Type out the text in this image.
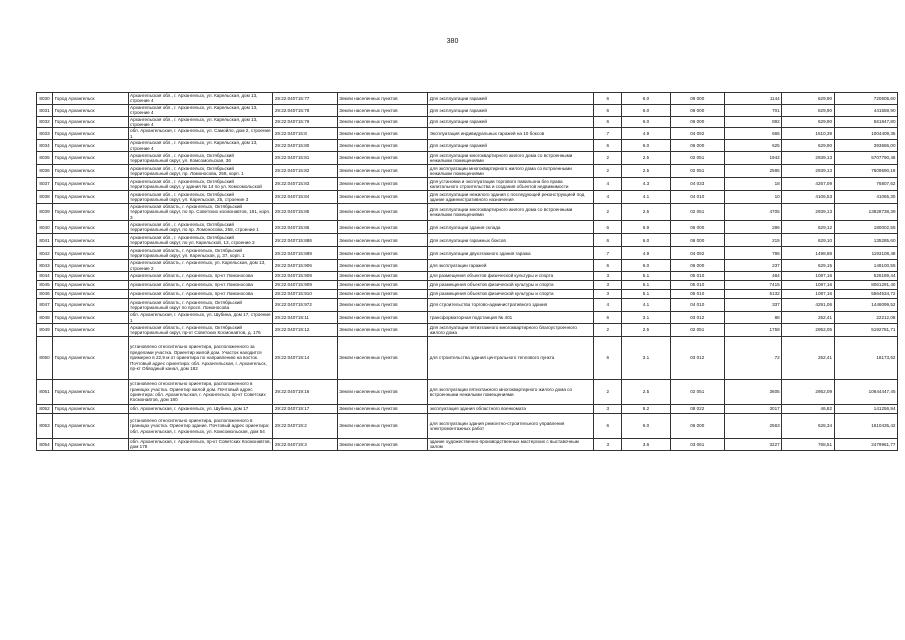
380
8030	Город Архангельск	Архангельская обл., г. Архангельск, ул. Карельская, дом 13, строение 4	29:22:040715:77	Земли населенных пунктов	Для эксплуатации гаражей	6	6.0	06 000	1144	629,90	720605,60
8031	Город Архангельск	Архангельская обл., г. Архангельск, ул. Карельская, дом 13, строение 4	29:22:040715:78	Земли населенных пунктов	Для эксплуатации гаражей	6	6.0	06 000	701	629,90	441559,90
8032	Город Архангельск	Архангельская обл., г. Архангельск, ул. Карельская, дом 13, строение 4	29:22:040715:79	Земли населенных пунктов	Для эксплуатации гаражей	6	6.0	06 000	892	629,90	561847,80
8033	Город Архангельск	обл. Архангельская, г. Архангельск, ул. Самойло, дом 2, строение 1	29:22:040715:8	Земли населенных пунктов	Эксплуатация индивидуальных гаражей на 10 боксов	7	4.9	04 092	665	1510,39	1004409,35
8034	Город Архангельск	Архангельская обл., г. Архангельск, ул. Карельская, дом 13, строение 4	29:22:040715:80	Земли населенных пунктов	Для эксплуатации гаражей	6	6.0	06 000	625	629,90	393686,00
8035	Город Архангельск	Архангельская обл., г. Архангельск, Октябрьский территориальный округ, ул. Комсомольская, 36	29:22:040715:81	Земли населенных пунктов	Для эксплуатации многоквартирного жилого дома со встроенными нежилыми помещениями	2	2.5	02 051	1942	2939,13	5707790,46
8036	Город Архангельск	Архангельская обл., г. Архангельск, Октябрьский территориальный округ, пр. Ломоносова, 258, корп. 1	29:22:040715:82	Земли населенных пунктов	для эксплуатации многоквартирного жилого дома со встроенными нежилыми помещениями	2	2.5	02 051	2585	2939,13	7609590,18
8037	Город Архангельск	Архангельская обл., г. Архангельск, Октябрьский территориальный округ, у здания № 14 по ул. Комсомольской	29:22:040715:83	Земли населенных пунктов	Для установки и эксплуатации торгового павильона без права капитального строительства и создания объектов недвижимости	4	4.3	04 033	18	4267,09	76807,62
8038	Город Архангельск	Архангельская обл., г. Архангельск, Октябрьский территориальный округ, ул. Карельская, 25, строение 3	29:22:040715:84	Земли населенных пунктов	Для эксплуатации нежилого здания с последующей реконструкцией под здание административного назначения	4	4.1	04 010	10	4106,53	41065,30
8039	Город Архангельск	Архангельская область, г. Архангельск, Октябрьский территориальный округ, по пр. Советских космонавтов, 181, корп. 3	29:22:040715:85	Земли населенных пунктов	Для эксплуатации многоквартирного жилого дома со встроенными нежилыми помещениями	2	2.5	02 051	4705	2939,13	13828738,39
8040	Город Архангельск	Архангельская обл., г. Архангельск, Октябрьский территориальный округ, по пр. Ломоносова, 258, строение 1	29:22:040715:86	Земли населенных пунктов	Для эксплуатации здания склада	6	6.9	06 000	286	629,12	180002,55
8041	Город Архангельск	Архангельская обл., г. Архангельск, Октябрьский территориальный округ, по ул. Карельской, 13, строение 2	29:22:040715:886	Земли населенных пунктов	Для эксплуатации гаражных боксов	6	6.0	06 000	215	629,10	135285,60
8042	Город Архангельск	Архангельская область, г. Архангельск, Октябрьский территориальный округ, ул. Карельская, д. 37, корп. 1	29:22:040715:889	Земли населенных пунктов	Для эксплуатации двухэтажного здания гаража	7	4.9	04 092	796	1498,88	1193108,48
8043	Город Архангельск	Архангельская область, г. Архангельск, ул. Карельская, дом 13, строение 2	29:22:040715:906	Земли населенных пунктов	для эксплуатации гаражей	6	6.0	06 000	237	629,15	149100,55
8044	Город Архангельск	Архангельская область, г. Архангельск, пр-кт Ломоносова	29:22:040715:908	Земли населенных пунктов	для размещения объектов физической культуры и спорта	3	5.1	05 010	484	1087,16	526189,44
8045	Город Архангельск	Архангельская область, г. Архангельск, пр-кт Ломоносова	29:22:040715:909	Земли населенных пунктов	Для размещения объектов физической культуры и спорта	3	5.1	05 010	7415	1087,16	8061291,40
8046	Город Архангельск	Архангельская область, г. Архангельск, пр-кт Ломоносова	29:22:040715:910	Земли населенных пунктов	Для размещения объектов физической культуры и спорта	3	5.1	05 010	5132	1087,16	5564534,72
8047	Город Архангельск	Архангельская область, г. Архангельск, Октябрьский территориальный округ по просп. Ломоносова	29:22:040715:972	Земли населенных пунктов	Для строительства торгово-административного здания	4	4.1	04 010	337	4291,06	1446099,52
8048	Город Архангельск	обл. Архангельская, г. Архангельск, ул. Шубина, дом 17, строение 1	29:22:040719:11	Земли населенных пунктов	трансформаторная подстанция № 401	6	3.1	03 012	88	252,41	22212,08
8049	Город Архангельск	Архангельская область, г. Архангельск, Октябрьский территориальный округ, пр-кт Советских Космонавтов, д. 176	29:22:040719:12	Земли населенных пунктов	Для эксплуатации пятиэтажного многоквартирного благоустроенного жилого дома	2	2.5	02 051	1759	2952,05	5192781,71
8050	Город Архангельск	установлено относительно ориентира, расположенного за пределами участка. Ориентир жилой дом. Участок находится примерно в 22,9 м от ориентира по направлению на восток. Почтовый адрес ориентира: обл. Архангельская, г. Архангельск, пр-кт Обводный канал, дом 182	29:22:040719:14	Земли населенных пунктов	для строительства здания центрального теплового пункта	6	3.1	03 012	72	252,41	18173,52
8051	Город Архангельск	установлено относительно ориентира, расположенного в границах участка. Ориентир жилой дом. Почтовый адрес ориентира: обл. Архангельская, г. Архангельск, пр-кт Советских Космонавтов, дом 180	29:22:040719:16	Земли населенных пунктов	для эксплуатации пятиэтажного многоквартирного жилого дома со встроенными нежилыми помещениями	2	2.5	02 051	3605	2952,09	10644447,45
8052	Город Архангельск	обл. Архангельская, г. Архангельск, ул. Шубина, дом 17	29:22:040719:17	Земли населенных пунктов	эксплуатация здания областного военкомата	3	8.2	08 022	3017	46,82	141256,94
8053	Город Архангельск	установлено относительно ориентира, расположенного в границах участка. Ориентир здание. Почтовый адрес ориентира: обл. Архангельская, г. Архангельск, ул. Комсомольская, дом 54	29:22:040719:2	Земли населенных пунктов	для эксплуатации здания ремонтно-строительного управления электромонтажных работ	6	6.0	06 000	2563	628,34	1610435,42
8054	Город Архангельск	обл. Архангельская, г. Архангельск, пр-кт Советских Космонавтов, дом 178	29:22:040719:3	Земли населенных пунктов	здание художественно-производственных мастерских с выставочным залом	3	3.6	03 061	3227	768,51	2479961,77
